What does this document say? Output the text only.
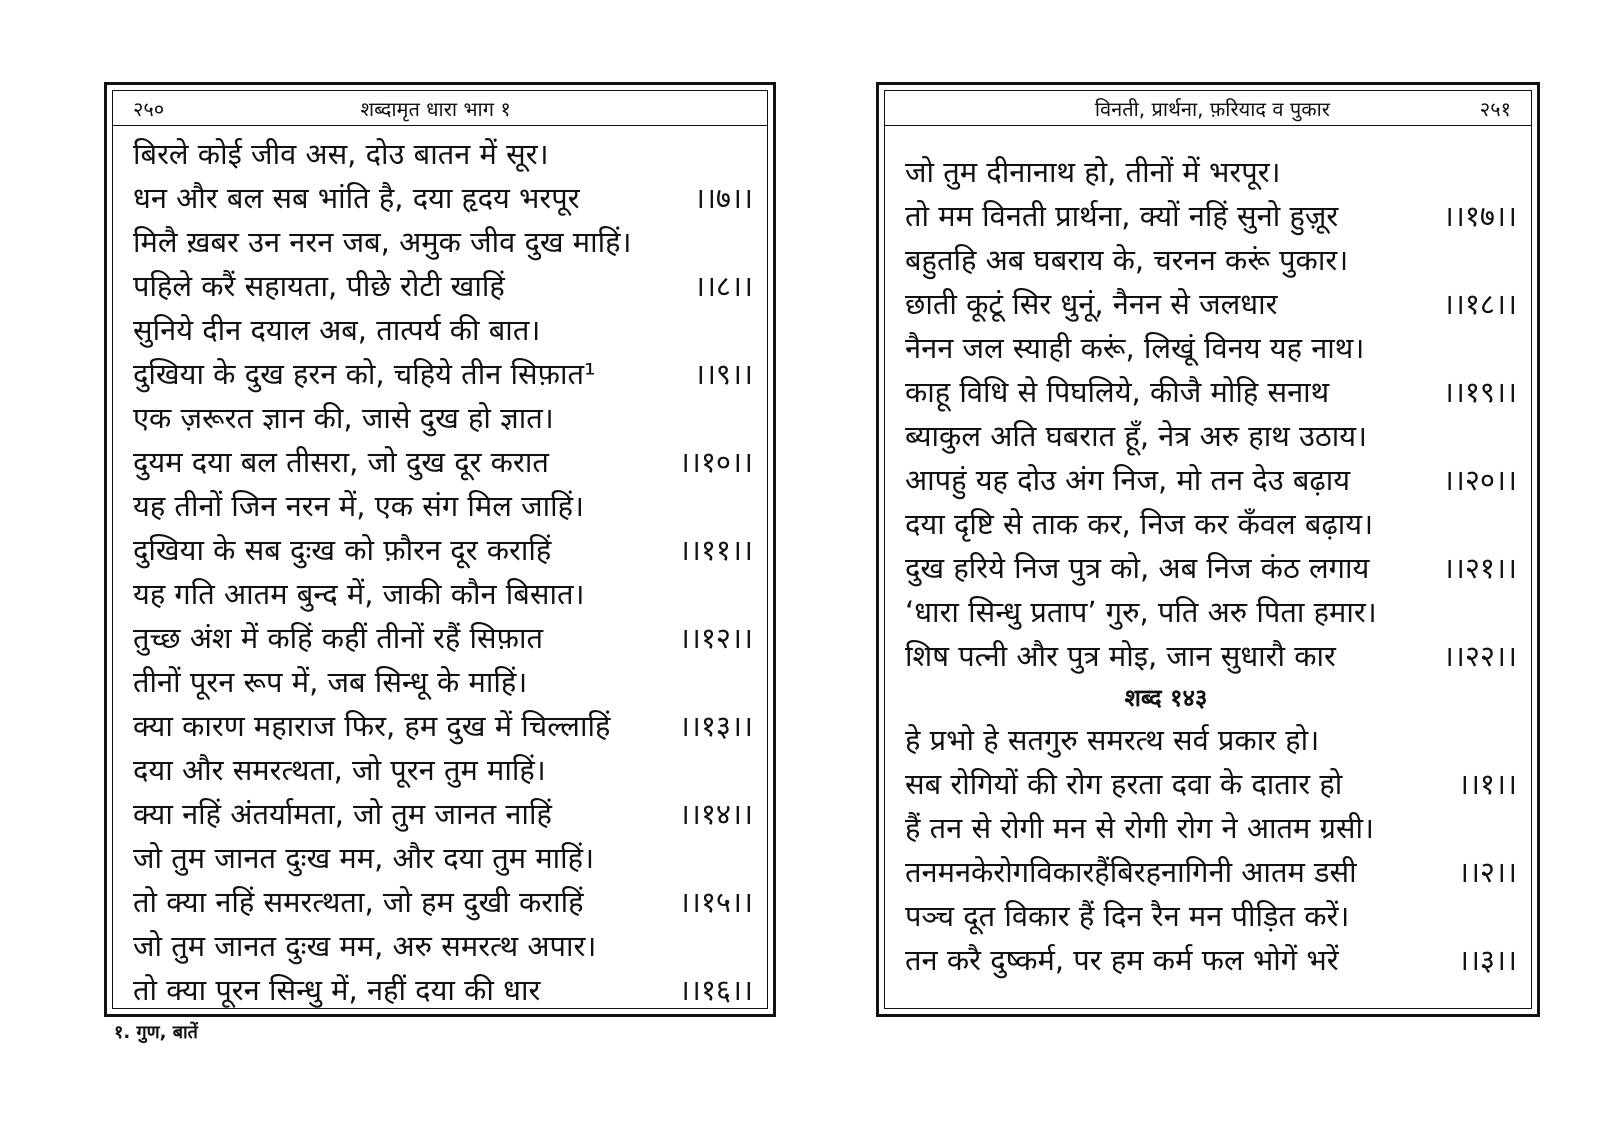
२५०	शब्दामृत धारा भाग १
बिरले कोई जीव अस, दोउ बातन में सूर।
धन और बल सब भांति है, दया हृदय भरपूर	।।७।।
मिलै ख़बर उन नरन जब, अमुक जीव दुख माहिं।
पहिले करैं सहायता, पीछे रोटी खाहिं	।।८।।
सुनिये दीन दयाल अब, तात्पर्य की बात।
दुखिया के दुख हरन को, चहिये तीन सिफ़ात¹	।।९।।
एक ज़रूरत ज्ञान की, जासे दुख हो ज्ञात।
दुयम दया बल तीसरा, जो दुख दूर करात	।।१०।।
यह तीनों जिन नरन में, एक संग मिल जाहिं।
दुखिया के सब दुःख को फ़ौरन दूर कराहिं	।।११।।
यह गति आतम बुन्द में, जाकी कौन बिसात।
तुच्छ अंश में कहिं कहीं तीनों रहैं सिफ़ात	।।१२।।
तीनों पूरन रूप में, जब सिन्धू के माहिं।
क्या कारण महाराज फिर, हम दुख में चिल्लाहिं	।।१३।।
दया और समरत्थता, जो पूरन तुम माहिं।
क्या नहिं अंतर्यामता, जो तुम जानत नाहिं	।।१४।।
जो तुम जानत दुःख मम, और दया तुम माहिं।
तो क्या नहिं समरत्थता, जो हम दुखी कराहिं	।।१५।।
जो तुम जानत दुःख मम, अरु समरत्थ अपार।
तो क्या पूरन सिन्धु में, नहीं दया की धार	।।१६।।
विनती, प्रार्थना, फ़रियाद व पुकार	२५१
जो तुम दीनानाथ हो, तीनों में भरपूर।
तो मम विनती प्रार्थना, क्यों नहिं सुनो हुज़ूर	।।१७।।
बहुतहि अब घबराय के, चरनन करूं पुकार।
छाती कूटूं सिर धुनूं, नैनन से जलधार	।।१८।।
नैनन जल स्याही करूं, लिखूं विनय यह नाथ।
काहू विधि से पिघलिये, कीजै मोहि सनाथ	।।१९।।
ब्याकुल अति घबरात हूँ, नेत्र अरु हाथ उठाय।
आपहुं यह दोउ अंग निज, मो तन देउ बढ़ाय	।।२०।।
दया दृष्टि से ताक कर, निज कर कँवल बढ़ाय।
दुख हरिये निज पुत्र को, अब निज कंठ लगाय	।।२१।।
‘धारा सिन्धु प्रताप’ गुरु, पति अरु पिता हमार।
शिष पत्नी और पुत्र मोइ, जान सुधारौ कार	।।२२।।
शब्द १४३
हे प्रभो हे सतगुरु समरत्थ सर्व प्रकार हो।
सब रोगियों की रोग हरता दवा के दातार हो	।।१।।
हैं तन से रोगी मन से रोगी रोग ने आतम ग्रसी।
तनमनकेरोगविकारहैंबिरहनागिनी आतम डसी	।।२।।
पञ्च दूत विकार हैं दिन रैन मन पीड़ित करें।
तन करै दुष्कर्म, पर हम कर्म फल भोगें भरें	।।३।।
१. गुण, बातें
